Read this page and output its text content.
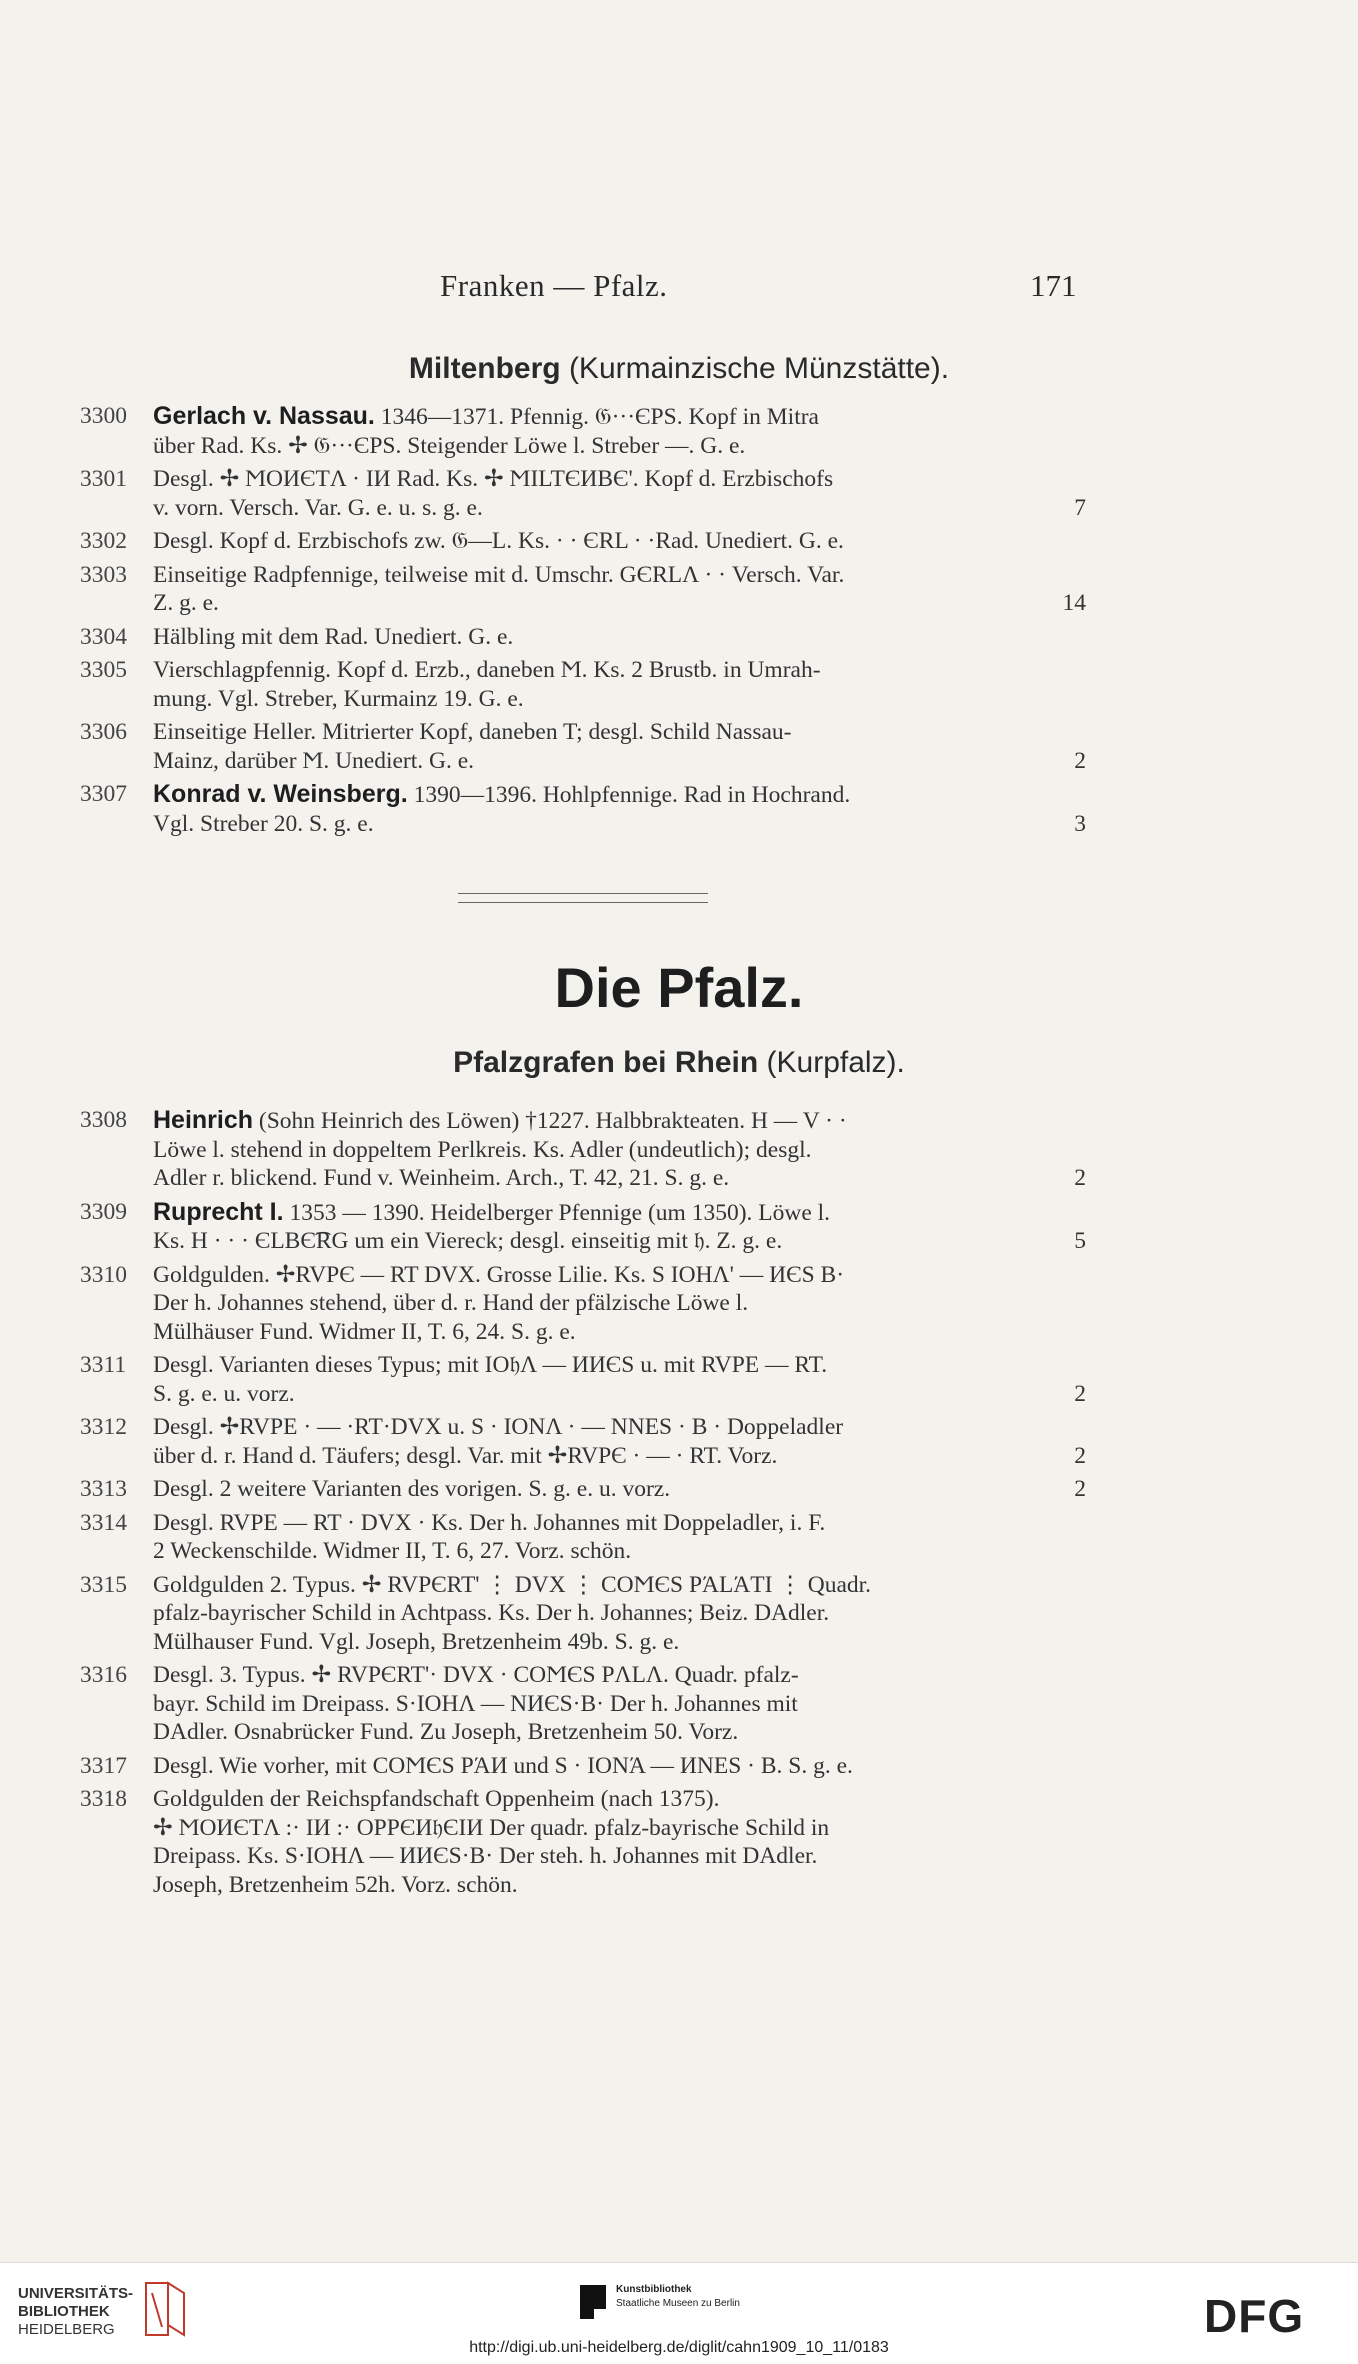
Franken — Pfalz.	171
Miltenberg (Kurmainzische Münzstätte).
3300	Gerlach v. Nassau. 1346—1371. Pfennig. 𝔊···ЄPS. Kopf in Mitra
über Rad. Ks. ✢ 𝔊···ЄPS. Steigender Löwe l. Streber —. G. e.
3301	Desgl. ✢ ϺOИЄTΛ · IИ Rad. Ks. ✢ ϺILTЄИBЄ'. Kopf d. Erzbischofs
v. vorn. Versch. Var. G. e. u. s. g. e.	7
3302	Desgl. Kopf d. Erzbischofs zw. 𝔊—L. Ks. · · ЄRL · ·Rad. Unediert. G. e.
3303	Einseitige Radpfennige, teilweise mit d. Umschr. GЄRLΛ · · Versch. Var.
Z. g. e.	14
3304	Hälbling mit dem Rad. Unediert. G. e.
3305	Vierschlagpfennig. Kopf d. Erzb., daneben Ϻ. Ks. 2 Brustb. in Umrah-
mung. Vgl. Streber, Kurmainz 19. G. e.
3306	Einseitige Heller. Mitrierter Kopf, daneben T; desgl. Schild Nassau-
Mainz, darüber Ϻ. Unediert. G. e.	2
3307	Konrad v. Weinsberg. 1390—1396. Hohlpfennige. Rad in Hochrand.
Vgl. Streber 20. S. g. e.	3
Die Pfalz.
Pfalzgrafen bei Rhein (Kurpfalz).
3308	Heinrich (Sohn Heinrich des Löwen) †1227. Halbbrakteaten. H — V · ·
Löwe l. stehend in doppeltem Perlkreis. Ks. Adler (undeutlich); desgl.
Adler r. blickend. Fund v. Weinheim. Arch., T. 42, 21. S. g. e.	2
3309	Ruprecht I. 1353 — 1390. Heidelberger Pfennige (um 1350). Löwe l.
Ks. H · · · ЄLBЄ͡RG um ein Viereck; desgl. einseitig mit 𝔥. Z. g. e.	5
3310	Goldgulden. ✢RVPЄ — RT DVX. Grosse Lilie. Ks. S IOHΛ' — ИЄS B·
Der h. Johannes stehend, über d. r. Hand der pfälzische Löwe l.
Mülhäuser Fund. Widmer II, T. 6, 24. S. g. e.
3311	Desgl. Varianten dieses Typus; mit IO𝔥Λ — ИИЄS u. mit RVPE — RT.
S. g. e. u. vorz.	2
3312	Desgl. ✢RVPE · — ·RT·DVX u. S · IONΛ · — NNES · B · Doppeladler
über d. r. Hand d. Täufers; desgl. Var. mit ✢RVPЄ · — · RT. Vorz.	2
3313	Desgl. 2 weitere Varianten des vorigen. S. g. e. u. vorz.	2
3314	Desgl. RVPE — RT · DVX · Ks. Der h. Johannes mit Doppeladler, i. F.
2 Weckenschilde. Widmer II, T. 6, 27. Vorz. schön.
3315	Goldgulden 2. Typus. ✢ RVPЄRT' ⋮ DVX ⋮ COϺЄS PΆLΆTI ⋮ Quadr.
pfalz-bayrischer Schild in Achtpass. Ks. Der h. Johannes; Beiz. DAdler.
Mülhauser Fund. Vgl. Joseph, Bretzenheim 49b. S. g. e.
3316	Desgl. 3. Typus. ✢ RVPЄRT'· DVX · COϺЄS PΛLΛ. Quadr. pfalz-
bayr. Schild im Dreipass. S·IOHΛ — NИЄS·B· Der h. Johannes mit
DAdler. Osnabrücker Fund. Zu Joseph, Bretzenheim 50. Vorz.
3317	Desgl. Wie vorher, mit COϺЄS PΆИ und S · IONΆ — ИNES · B. S. g. e.
3318	Goldgulden der Reichspfandschaft Oppenheim (nach 1375).
✢ ϺOИЄTΛ :· IИ :· OPPЄИ𝔥ЄIИ Der quadr. pfalz-bayrische Schild in
Dreipass. Ks. S·IOHΛ — ИИЄS·B· Der steh. h. Johannes mit DAdler.
Joseph, Bretzenheim 52h. Vorz. schön.
UNIVERSITÄTS-
BIBLIOTHEK
HEIDELBERG
Kunstbibliothek
Staatliche Museen zu Berlin	DFG
http://digi.ub.uni-heidelberg.de/diglit/cahn1909_10_11/0183
